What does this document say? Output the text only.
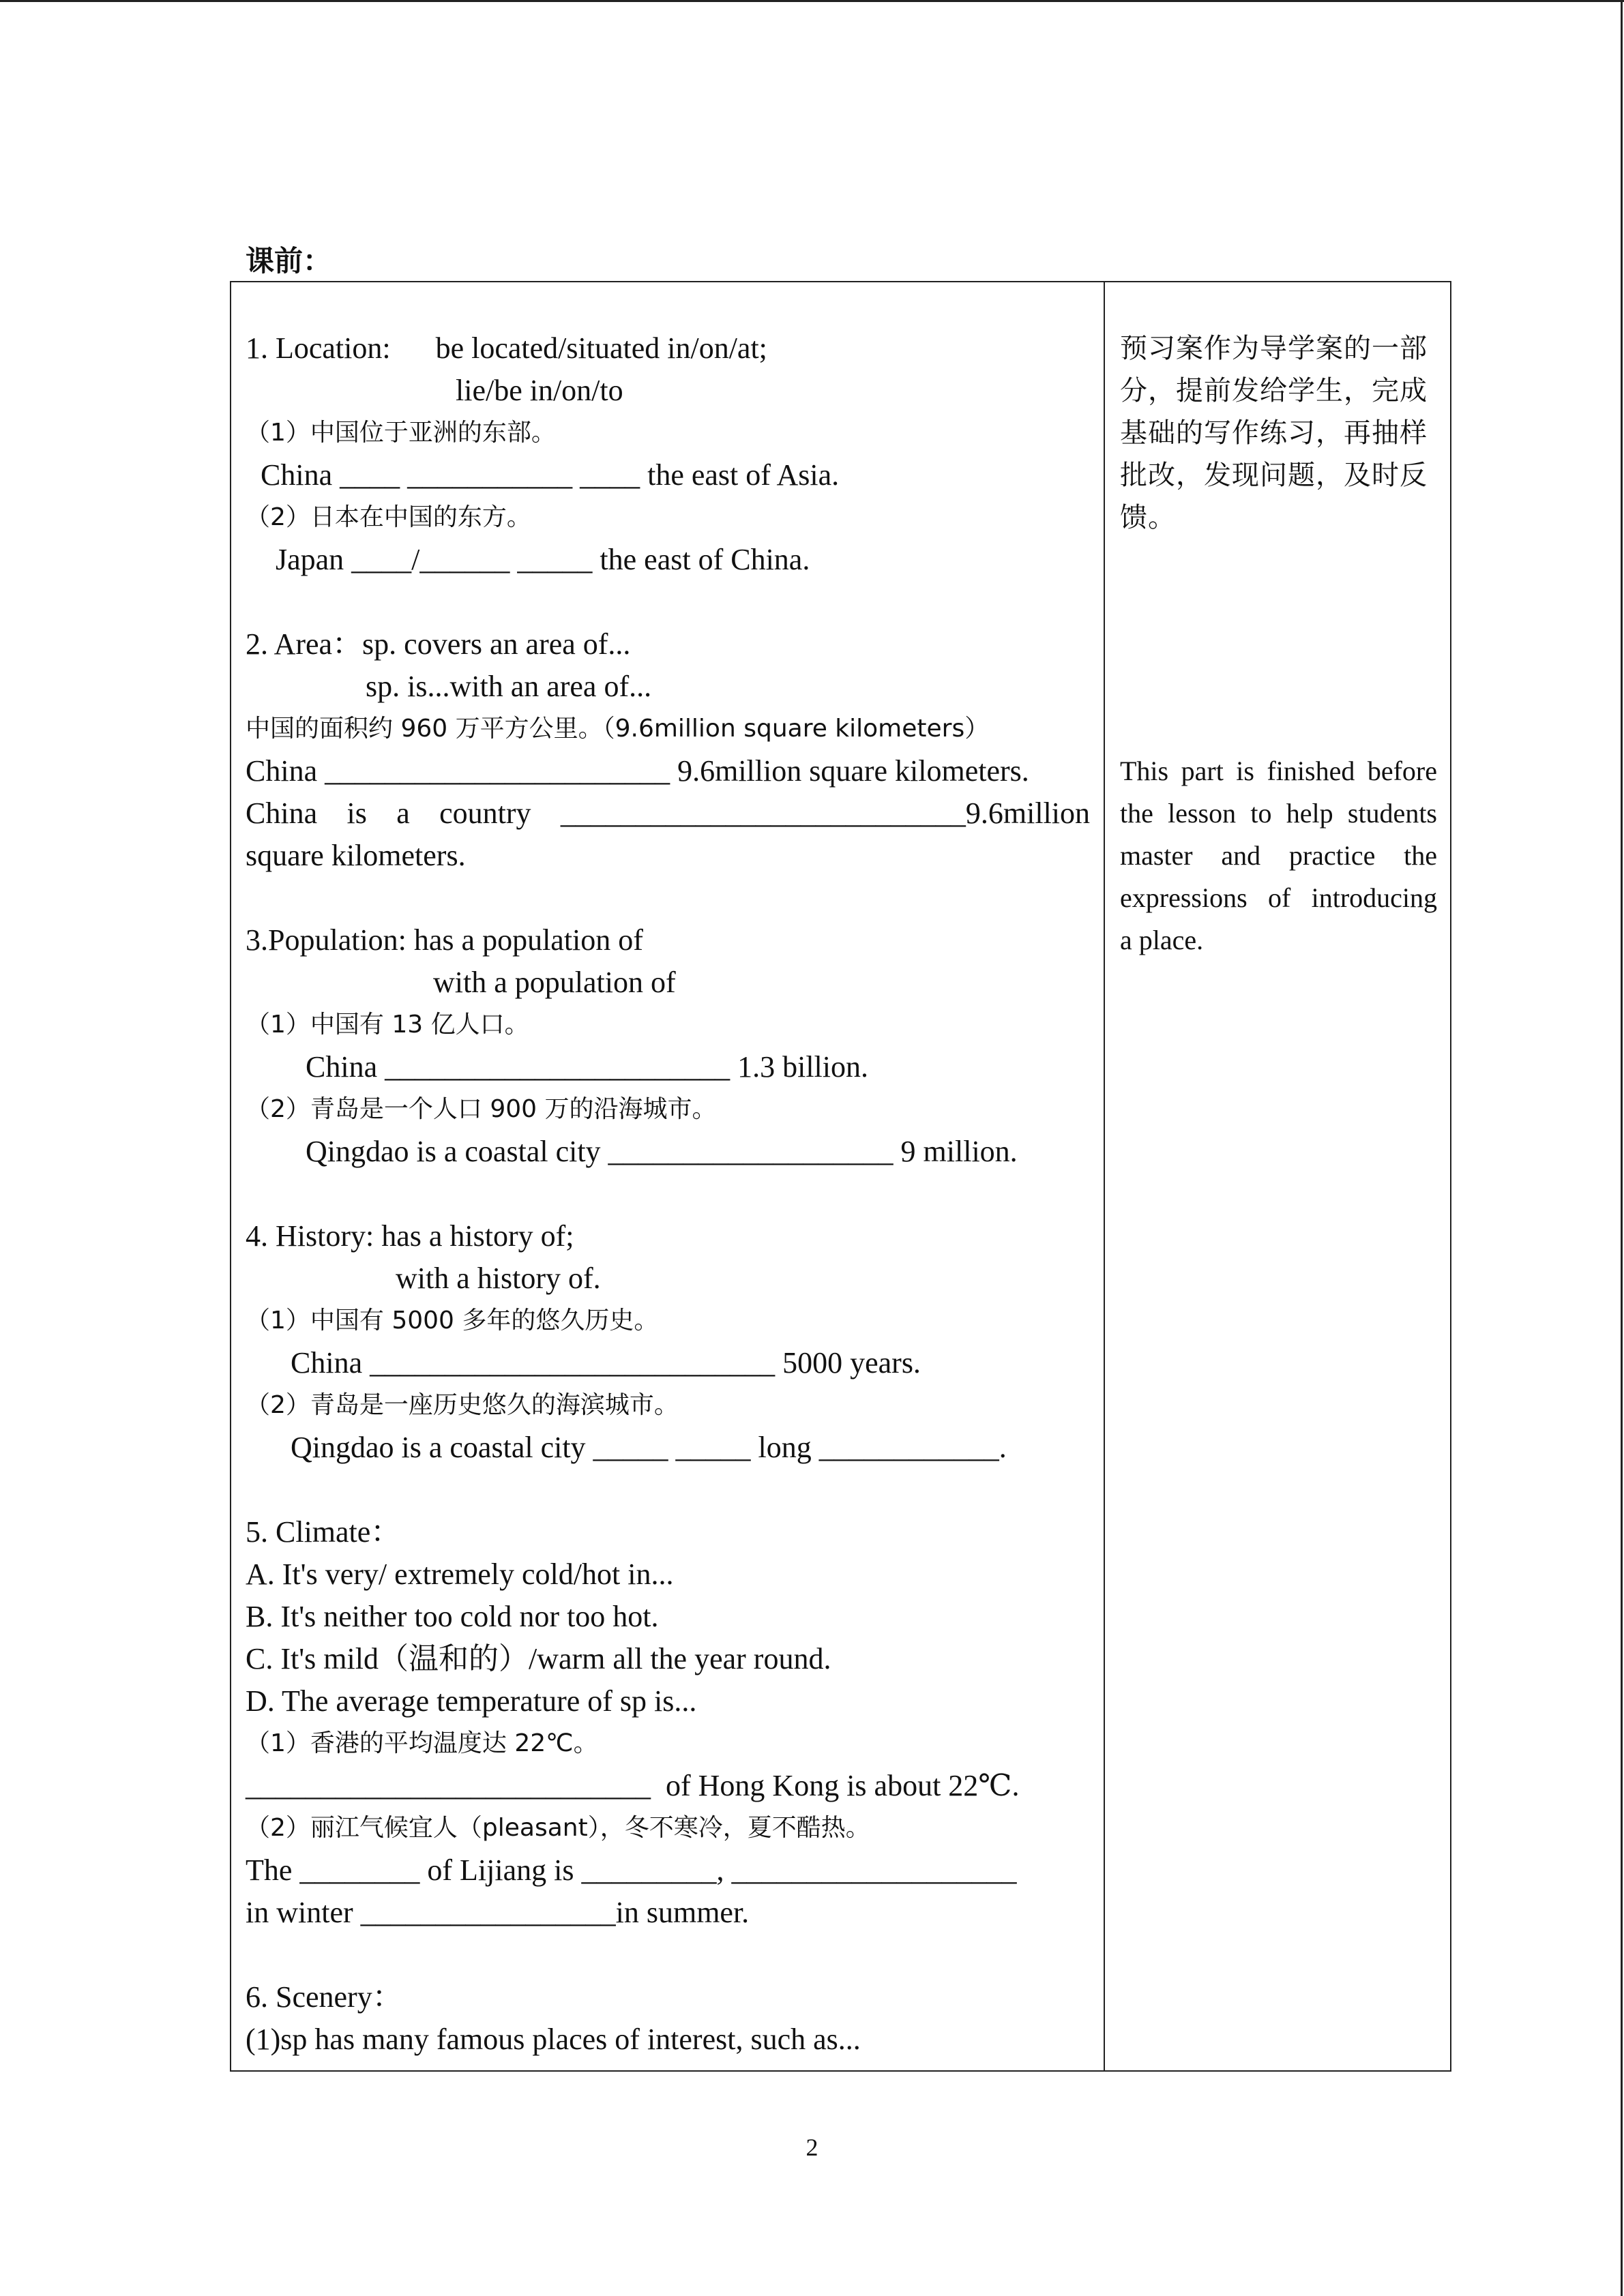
课前：
1. Location:      be located/situated in/on/at;
lie/be in/on/to
（1）中国位于亚洲的东部。
China ____ ___________ ____ the east of Asia.
（2）日本在中国的东方。
Japan ____/______ _____ the east of China.
2. Area：sp. covers an area of...
sp. is...with an area of...
中国的面积约 960 万平方公里。（9.6million square kilometers）
China _______________________ 9.6million square kilometers.
China is a country ___________________________9.6million
square kilometers.
3.Population: has a population of
with a population of
（1）中国有 13 亿人口。
China _______________________ 1.3 billion.
（2）青岛是一个人口 900 万的沿海城市。
Qingdao is a coastal city ___________________ 9 million.
4. History: has a history of;
with a history of.
（1）中国有 5000 多年的悠久历史。
China ___________________________ 5000 years.
（2）青岛是一座历史悠久的海滨城市。
Qingdao is a coastal city _____ _____ long ____________.
5. Climate：
A. It's very/ extremely cold/hot in...
B. It's neither too cold nor too hot.
C. It's mild（温和的）/warm all the year round.
D. The average temperature of sp is...
（1）香港的平均温度达 22℃。
___________________________  of Hong Kong is about 22℃.
（2）丽江气候宜人（pleasant），冬不寒冷，夏不酷热。
The ________ of Lijiang is _________, ___________________
in winter _________________in summer.
6. Scenery：
(1)sp has many famous places of interest, such as...
预习案作为导学案的一部
分，提前发给学生，完成
基础的写作练习，再抽样
批改，发现问题，及时反
馈。
This part is finished before
the lesson to help students
master and practice the
expressions of introducing
a place.
2
